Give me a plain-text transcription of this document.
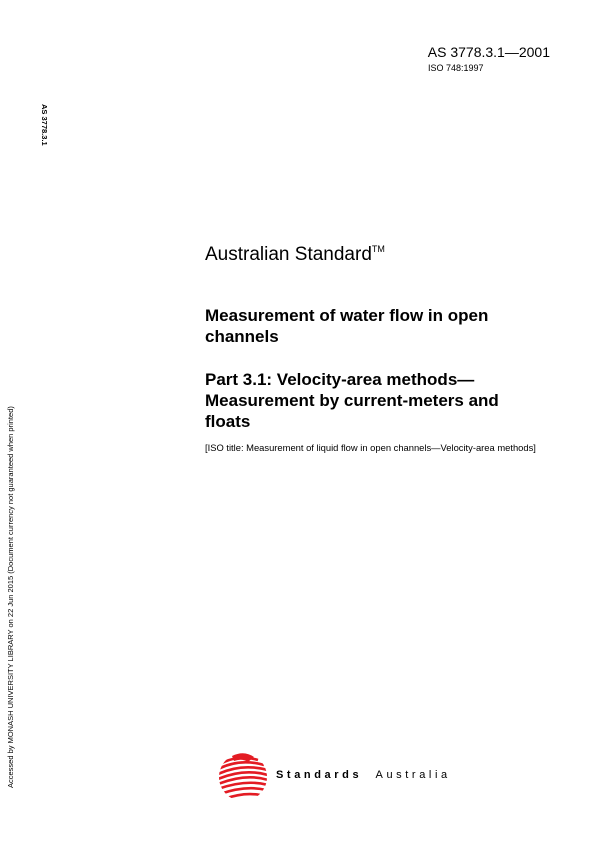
AS 3778.3.1—2001
ISO 748:1997
AS 3778.3.1
Accessed by MONASH UNIVERSITY LIBRARY on 22 Jun 2015 (Document currency not guaranteed when printed)
Australian Standard™
Measurement of water flow in open channels
Part 3.1: Velocity-area methods—Measurement by current-meters and floats
[ISO title: Measurement of liquid flow in open channels—Velocity-area methods]
Standards Australia
